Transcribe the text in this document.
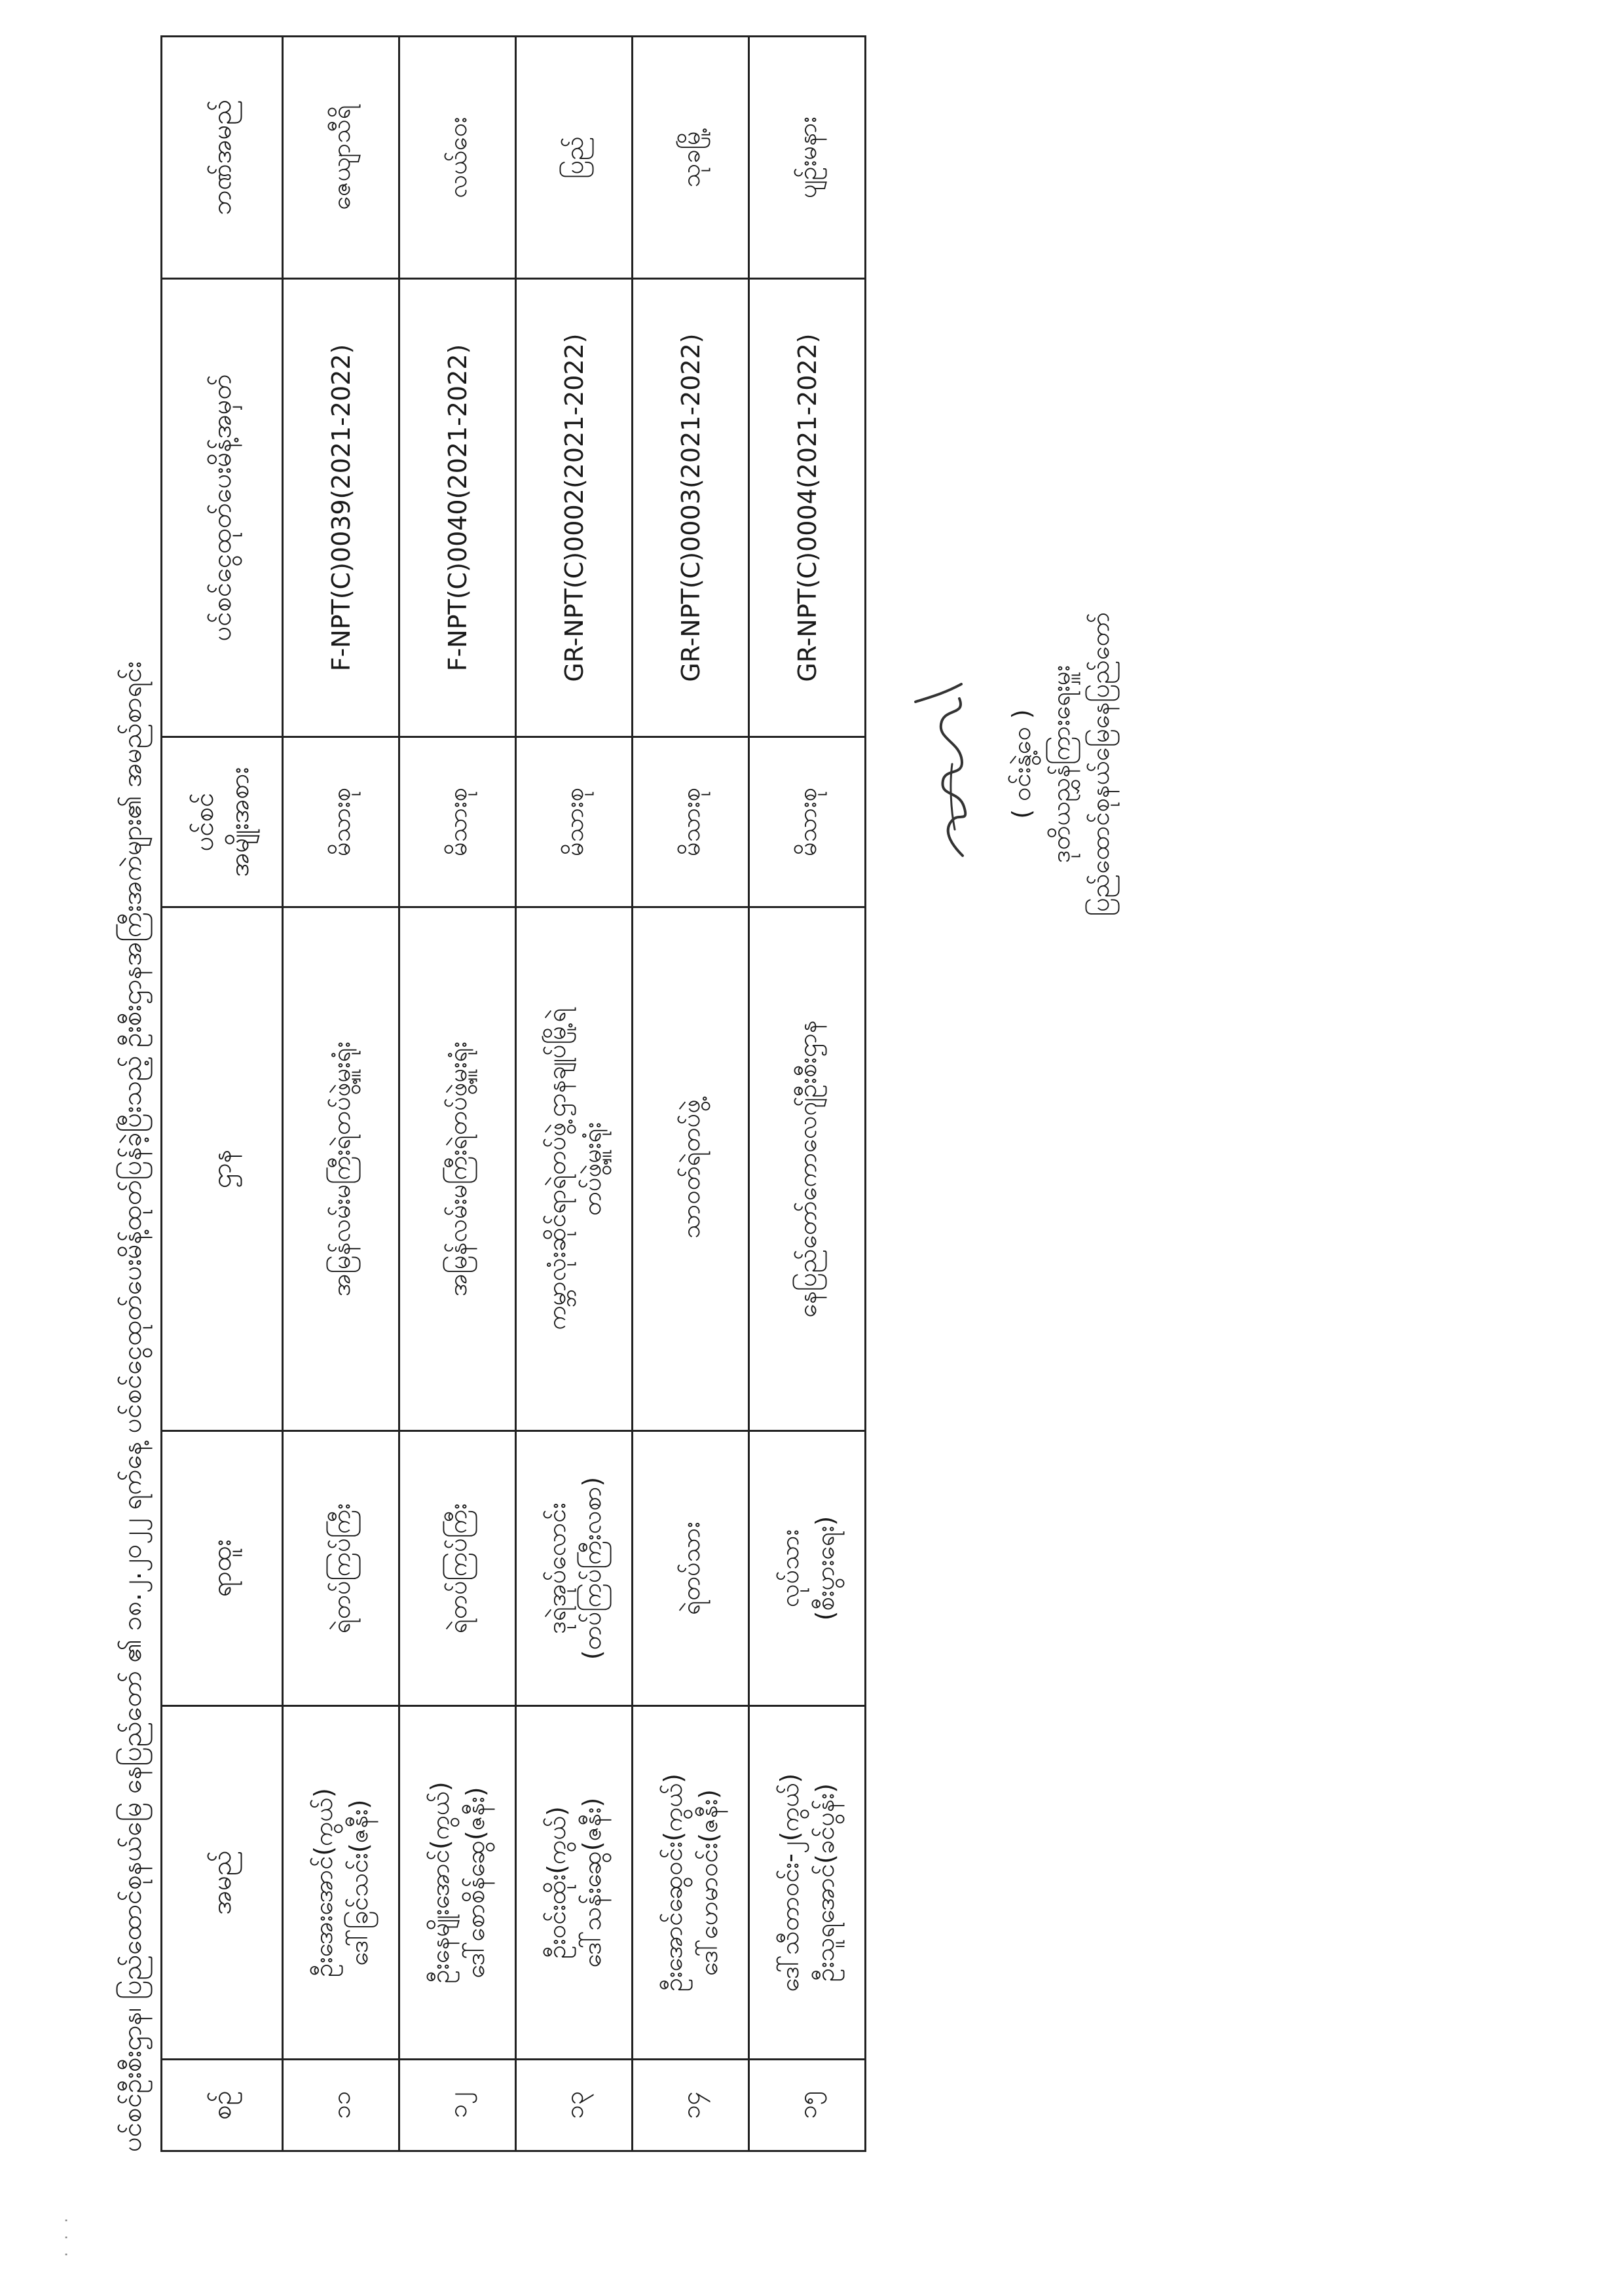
· · ·
ပင်စင်ဦးစီးဌာန၊ ပြည်ထောင်စုနယ်မြေ နေပြည်တော် ၏ ၁၈.၂.၂၀၂၂ ရက်နေ့ ပင်စင်ငွေထုတ်ပေးမိန့်ထုတ်ပြန်ခဲ့ပြီးသည့် ဦးစီးဌာနအကြီးအကဲများ၏ အမည်စာရင်း စဉ်	အမည်	ရာထူး	ဌာန	ပင်စင် အမျိုးအစား	ပင်စင်ငွေထုတ်ပေးမိန့်အမှတ်	ဘဏ်အမည်
၁၁	ဦးအေးအောင်(ကွယ်) ဒေါ်ခြင်သင်း(ဇနီး)	ရဲတပ်ကြပ်ကြီး	အမြန်လမ်းမကြီးရဲတပ်ဖွဲ့မှူးရုံး	မိသားစု	F-NPT(C)0039(2021-2022)	ဇေယျာသီရိ
၁၂	ဦးနေမျိုးအောင်(ကွယ်) ဒေါ်စောစိန်ဆွေ(ဇနီး)	ရဲတပ်ကြပ်ကြီး	အမြန်လမ်းမကြီးရဲတပ်ဖွဲ့မှူးရုံး	မိသားစု	F-NPT(C)0040(2021-2022)	လယ်ဝေး
၁၃	ဦးဝင်းထိုး(ကွယ်) ဒေါ်သန်းဆွေ(ဇနီး)	ဒုရဲအုပ်လောင်း (တပ်ကြပ်ကြီးလစာ)	ကမ္ဘာလုံးဆိုင်ရာရဲတပ်ဖွဲ့ဌာနချုပ်မြို့ရဲ တပ်ဖွဲ့မှူးရုံး	မိသားစု	GR-NPT(C)0002(2021-2022)	ပြည်
၁၄	ဦးအောင်ဆွေဝင်း(ကွယ်) ဒေါ်ဟေမာဝင်း(ဇနီး)	ရဲတပ်သား	သာဝတ်ရဲတပ်ဖွဲ့	မိသားစု	GR-NPT(C)0003(2021-2022)	သုခမြို့
၁၅	ဒေါ်သီတာဝင်း-၂(ကွယ်) ဦးသူရအောင်(ခင်ပွန်း)	လုပ်သား (စီးပွားရေး)	နေပြည်တော်ကောလေဂျ်ဦးစီးဌာန	မိသားစု	GR-NPT(C)0004(2021-2022)	ပျဉ်းမနား
( ဝင်းနွဲ့ဝေ ) ဒုတိယညွှန်ကြားရေးမှူး ပြည်ထောင်စုနယ်မြေနေပြည်တော်
